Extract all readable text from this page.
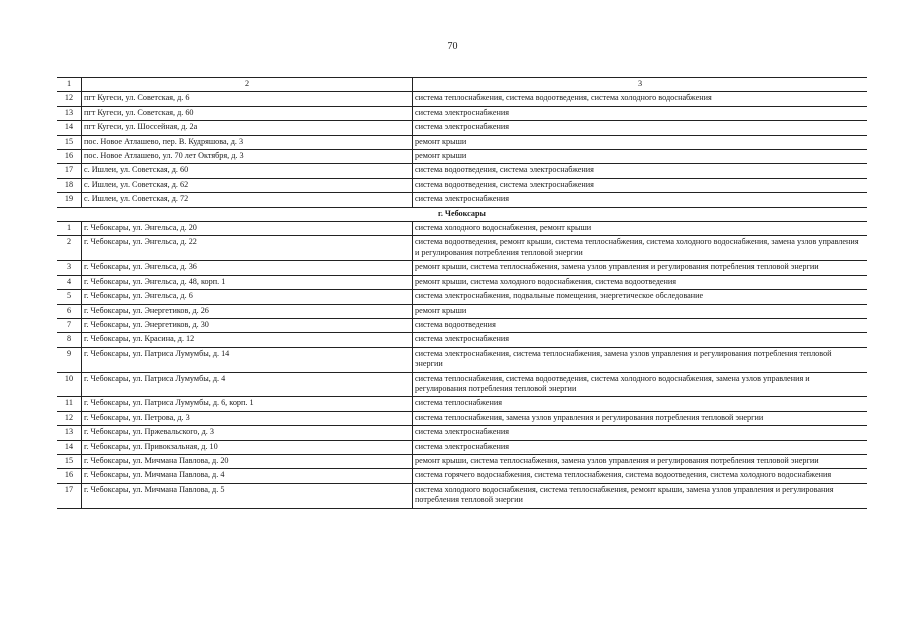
70
1	2	3
12	пгт Кугеси, ул. Советская, д. 6	система теплоснабжения, система водоотведения, система холодного водоснабжения
13	пгт Кугеси, ул. Советская, д. 60	система электроснабжения
14	пгт Кугеси, ул. Шоссейная, д. 2а	система электроснабжения
15	пос. Новое Атлашево, пер. В. Кудряшова, д. 3	ремонт крыши
16	пос. Новое Атлашево, ул. 70 лет Октября, д. 3	ремонт крыши
17	с. Ишлеи, ул. Советская, д. 60	система водоотведения, система электроснабжения
18	с. Ишлеи, ул. Советская, д. 62	система водоотведения, система электроснабжения
19	с. Ишлеи, ул. Советская, д. 72	система электроснабжения
г. Чебоксары		
1	г. Чебоксары, ул. Энгельса, д. 20	система холодного водоснабжения, ремонт крыши
2	г. Чебоксары, ул. Энгельса, д. 22	система водоотведения, ремонт крыши, система теплоснабжения, система холодного водоснабжения, замена узлов управления и регулирования потребления тепловой энергии
3	г. Чебоксары, ул. Энгельса, д. 36	ремонт крыши, система теплоснабжения, замена узлов управления и регулирования потребления тепловой энергии
4	г. Чебоксары, ул. Энгельса, д. 48, корп. 1	ремонт крыши, система холодного водоснабжения, система водоотведения
5	г. Чебоксары, ул. Энгельса, д. 6	система электроснабжения, подвальные помещения, энергетическое обследование
6	г. Чебоксары, ул. Энергетиков, д. 26	ремонт крыши
7	г. Чебоксары, ул. Энергетиков, д. 30	система водоотведения
8	г. Чебоксары, ул. Красина, д. 12	система электроснабжения
9	г. Чебоксары, ул. Патриса Лумумбы, д. 14	система электроснабжения, система теплоснабжения, замена узлов управления и регулирования потребления тепловой энергии
10	г. Чебоксары, ул. Патриса Лумумбы, д. 4	система теплоснабжения, система водоотведения, система холодного водоснабжения, замена узлов управления и регулирования потребления тепловой энергии
11	г. Чебоксары, ул. Патриса Лумумбы, д. 6, корп. 1	система теплоснабжения
12	г. Чебоксары, ул. Петрова, д. 3	система теплоснабжения, замена узлов управления и регулирования потребления тепловой энергии
13	г. Чебоксары, ул. Пржевальского, д. 3	система электроснабжения
14	г. Чебоксары, ул. Привокзальная, д. 10	система электроснабжения
15	г. Чебоксары, ул. Мичмана Павлова, д. 20	ремонт крыши, система теплоснабжения, замена узлов управления и регулирования потребления тепловой энергии
16	г. Чебоксары, ул. Мичмана Павлова, д. 4	система горячего водоснабжения, система теплоснабжения, система водоотведения, система холодного водоснабжения
17	г. Чебоксары, ул. Мичмана Павлова, д. 5	система холодного водоснабжения, система теплоснабжения, ремонт крыши, замена узлов управления и регулирования потребления тепловой энергии
